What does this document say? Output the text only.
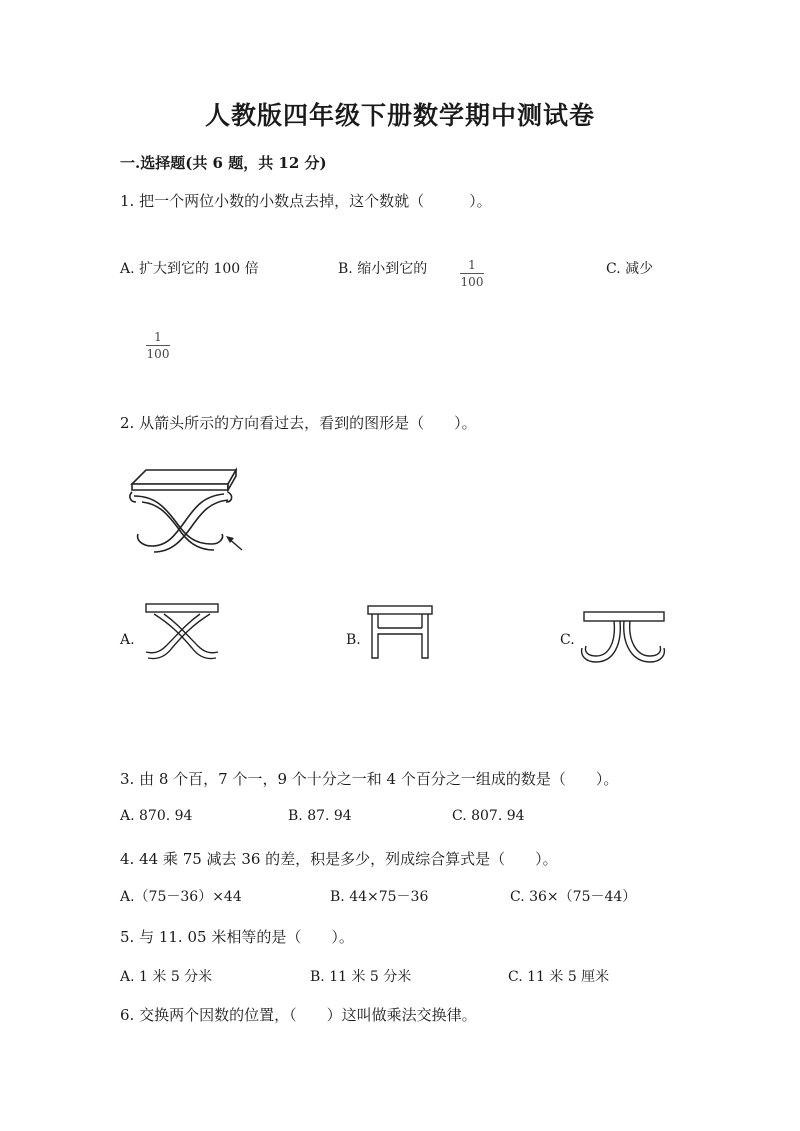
人教版四年级下册数学期中测试卷
一.选择题(共 6 题，共 12 分)
1. 把一个两位小数的小数点去掉，这个数就（　　　）。
A. 扩大到它的 100 倍	B. 缩小到它的	$\frac{1}{100}$	C. 减少
$\frac{1}{100}$
2. 从箭头所示的方向看过去，看到的图形是（　　）。
A.	B.	C.
3. 由 8 个百，7 个一，9 个十分之一和 4 个百分之一组成的数是（　　）。
A. 870. 94	B. 87. 94	C. 807. 94
4. 44 乘 75 减去 36 的差，积是多少，列成综合算式是（　　）。
A.（75－36）×44	B. 44×75－36	C. 36×（75－44）
5. 与 11. 05 米相等的是（　　）。
A. 1 米 5 分米	B. 11 米 5 分米	C. 11 米 5 厘米
6. 交换两个因数的位置，（　　）这叫做乘法交换律。
